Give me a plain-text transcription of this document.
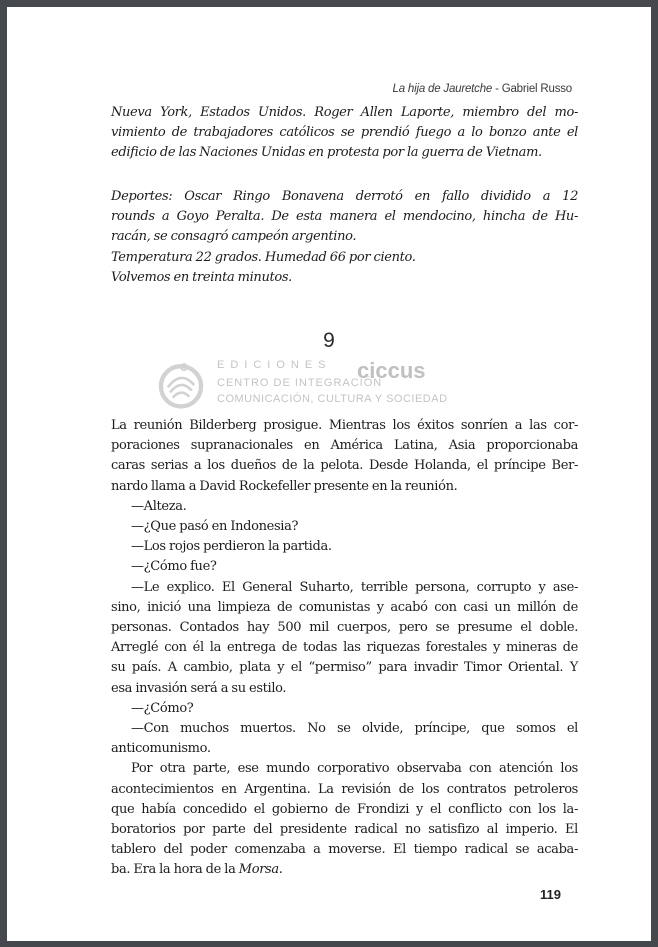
La hija de Jauretche - Gabriel Russo
Nueva York, Estados Unidos. Roger Allen Laporte, miembro del mo-
vimiento de trabajadores católicos se prendió fuego a lo bonzo ante el
edificio de las Naciones Unidas en protesta por la guerra de Vietnam.
Deportes: Oscar Ringo Bonavena derrotó en fallo dividido a 12
rounds a Goyo Peralta. De esta manera el mendocino, hincha de Hu-
racán, se consagró campeón argentino.
Temperatura 22 grados. Humedad 66 por ciento.
Volvemos en treinta minutos.
9
EDICIONES ciccus
CENTRO DE INTEGRACIÓN
COMUNICACIÓN, CULTURA Y SOCIEDAD
La reunión Bilderberg prosigue. Mientras los éxitos sonríen a las cor-
poraciones supranacionales en América Latina, Asia proporcionaba
caras serias a los dueños de la pelota. Desde Holanda, el príncipe Ber-
nardo llama a David Rockefeller presente en la reunión.
—Alteza.
—¿Que pasó en Indonesia?
—Los rojos perdieron la partida.
—¿Cómo fue?
—Le explico. El General Suharto, terrible persona, corrupto y ase-
sino, inició una limpieza de comunistas y acabó con casi un millón de
personas. Contados hay 500 mil cuerpos, pero se presume el doble.
Arreglé con él la entrega de todas las riquezas forestales y mineras de
su país. A cambio, plata y el “permiso” para invadir Timor Oriental. Y
esa invasión será a su estilo.
—¿Cómo?
—Con muchos muertos. No se olvide, príncipe, que somos el
anticomunismo.
Por otra parte, ese mundo corporativo observaba con atención los
acontecimientos en Argentina. La revisión de los contratos petroleros
que había concedido el gobierno de Frondizi y el conflicto con los la-
boratorios por parte del presidente radical no satisfizo al imperio. El
tablero del poder comenzaba a moverse. El tiempo radical se acaba-
ba. Era la hora de la Morsa.
119
